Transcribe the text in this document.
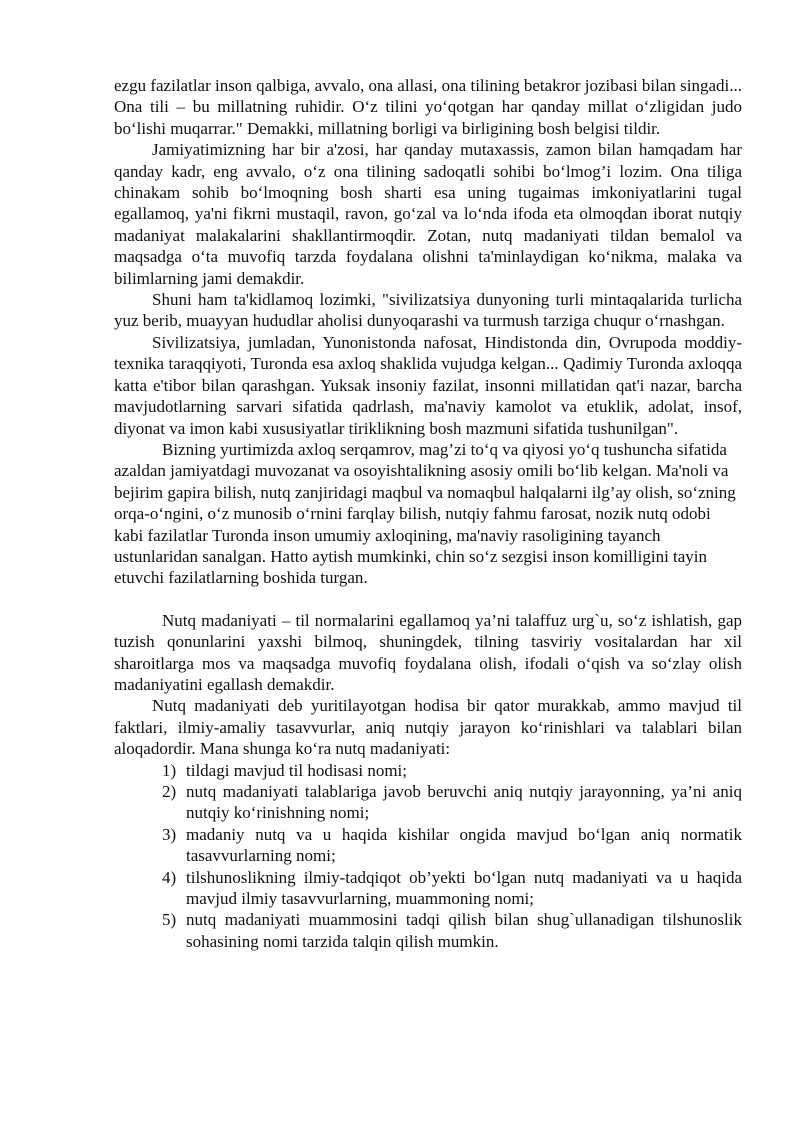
ezgu fazilatlar inson qalbiga, avvalo, ona allasi, ona tilining betakror jozibasi bilan singadi... Ona tili – bu millatning ruhidir. O‘z tilini yo‘qotgan har qanday millat o‘zligidan judo bo‘lishi muqarrar." Demakki, millatning borligi va birligining bosh belgisi tildir.

Jamiyatimizning har bir a'zosi, har qanday mutaxassis, zamon bilan hamqadam har qanday kadr, eng avvalo, o‘z ona tilining sadoqatli sohibi bo‘lmog’i lozim. Ona tiliga chinakam sohib bo‘lmoqning bosh sharti esa uning tugaimas imkoniyatlarini tugal egallamoq, ya'ni fikrni mustaqil, ravon, go‘zal va lo‘nda ifoda eta olmoqdan iborat nutqiy madaniyat malakalarini shakllantirmoqdir. Zotan, nutq madaniyati tildan bemalol va maqsadga o‘ta muvofiq tarzda foydalana olishni ta'minlaydigan ko‘nikma, malaka va bilimlarning jami demakdir.

Shuni ham ta'kidlamoq lozimki, "sivilizatsiya dunyoning turli mintaqalarida turlicha yuz berib, muayyan hududlar aholisi dunyoqarashi va turmush tarziga chuqur o‘rnashgan.

Sivilizatsiya, jumladan, Yunonistonda nafosat, Hindistonda din, Ovrupoda moddiy-texnika taraqqiyoti, Turonda esa axloq shaklida vujudga kelgan... Qadimiy Turonda axloqqa katta e'tibor bilan qarashgan. Yuksak insoniy fazilat, insonni millatidan qat'i nazar, barcha mavjudotlarning sarvari sifatida qadrlash, ma'naviy kamolot va etuklik, adolat, insof, diyonat va imon kabi xususiyatlar tiriklikning bosh mazmuni sifatida tushunilgan".

Bizning yurtimizda axloq serqamrov, mag’zi to‘q va qiyosi yo‘q tushuncha sifatida azaldan jamiyatdagi muvozanat va osoyishtalikning asosiy omili bo‘lib kelgan. Ma'noli va bejirim gapira bilish, nutq zanjiridagi maqbul va nomaqbul halqalarni ilg’ay olish, so‘zning orqa-o‘ngini, o‘z munosib o‘rnini farqlay bilish, nutqiy fahmu farosat, nozik nutq odobi kabi fazilatlar Turonda inson umumiy axloqining, ma'naviy rasoligining tayanch ustunlaridan sanalgan. Hatto aytish mumkinki, chin so‘z sezgisi inson komilligini tayin etuvchi fazilatlarning boshida turgan.

Nutq madaniyati – til normalarini egallamoq ya’ni talaffuz urg`u, so‘z ishlatish, gap tuzish qonunlarini yaxshi bilmoq, shuningdek, tilning tasviriy vositalardan har xil sharoitlarga mos va maqsadga muvofiq foydalana olish, ifodali o‘qish va so‘zlay olish madaniyatini egallash demakdir.

Nutq madaniyati deb yuritilayotgan hodisa bir qator murakkab, ammo mavjud til faktlari, ilmiy-amaliy tasavvurlar, aniq nutqiy jarayon ko‘rinishlari va talablari bilan aloqadordir. Mana shunga ko‘ra nutq madaniyati:

1) tildagi mavjud til hodisasi nomi;
2) nutq madaniyati talablariga javob beruvchi aniq nutqiy jarayonning, ya’ni aniq nutqiy ko‘rinishning nomi;
3) madaniy nutq va u haqida kishilar ongida mavjud bo‘lgan aniq normatik tasavvurlarning nomi;
4) tilshunoslikning ilmiy-tadqiqot ob’yekti bo‘lgan nutq madaniyati va u haqida mavjud ilmiy tasavvurlarning, muammoning nomi;
5) nutq madaniyati muammosini tadqi qilish bilan shug`ullanadigan tilshunoslik sohasining nomi tarzida talqin qilish mumkin.
